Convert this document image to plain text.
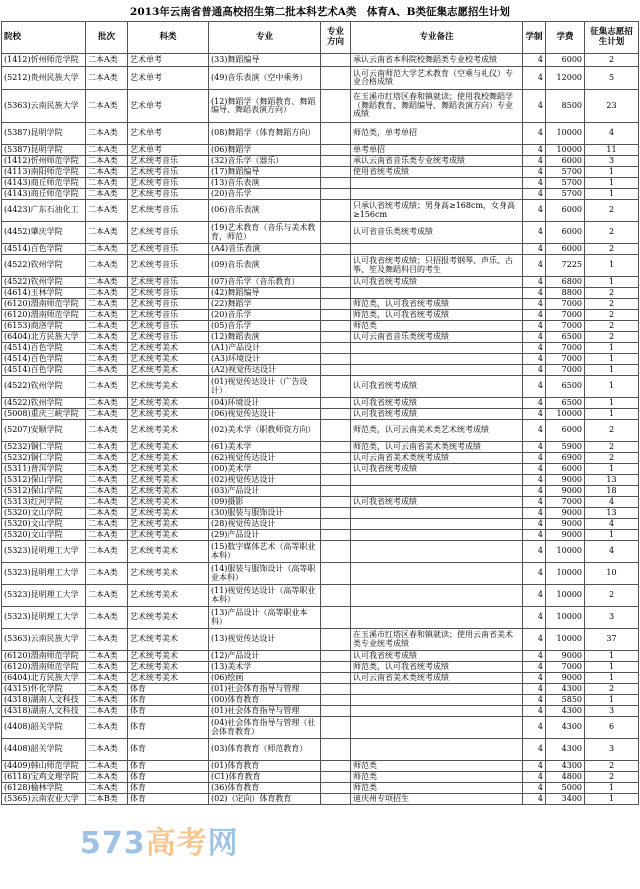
2013年云南省普通高校招生第二批本科艺术A类　体育A、B类征集志愿招生计划
院校	批次	科类	专业	专业方向	专业备注	学制	学费	征集志愿招生计划
(1412)忻州师范学院	二本A类	艺术单考	(33)舞蹈编导		承认云南省本科院校舞蹈类专业校考成绩	4	6000	2
(5212)贵州民族大学	二本A类	艺术单考	(49)音乐表演（空中乘务）		认可云南师范大学艺术教育（空乘与礼仪）专业合格成绩	4	12000	5
(5363)云南民族大学	二本A类	艺术单考	(12)舞蹈学（舞蹈教育、舞蹈编导、舞蹈表演方向）		在玉溪市红塔区春和镇就读；使用我校舞蹈学（舞蹈教育、舞蹈编导、舞蹈表演方向）专业成绩	4	8500	23
(5387)昆明学院	二本A类	艺术单考	(08)舞蹈学（体育舞蹈方向）		师范类，单考单招	4	10000	4
(5387)昆明学院	二本A类	艺术单考	(06)舞蹈学		单考单招	4	10000	11
(1412)忻州师范学院	二本A类	艺术统考音乐	(32)音乐学（器乐）		承认云南省音乐类专业统考成绩	4	6000	3
(4113)南阳师范学院	二本A类	艺术统考音乐	(17)舞蹈编导		使用省统考成绩	4	5700	1
(4143)商丘师范学院	二本A类	艺术统考音乐	(13)音乐表演			4	5700	1
(4143)商丘师范学院	二本A类	艺术统考音乐	(20)音乐学			4	5700	1
(4423)广东石油化工	二本A类	艺术统考音乐	(06)音乐表演		只承认省统考成绩；男身高≥168cm，女身高≥156cm	4	6000	2
(4452)肇庆学院	二本A类	艺术统考音乐	(19)艺术教育（音乐与美术教育，师范）		认可省音乐类统考成绩	4	6000	2
(4514)百色学院	二本A类	艺术统考音乐	(A4)音乐表演			4	6000	2
(4522)钦州学院	二本A类	艺术统考音乐	(09)音乐表演		认可我省统考成绩；只招报考钢琴、声乐、古筝、笙及舞蹈科目的考生	4	7225	1
(4522)钦州学院	二本A类	艺术统考音乐	(07)音乐学（音乐教育）		认可我省统考成绩	4	6800	1
(4614)玉林学院	二本A类	艺术统考音乐	(42)舞蹈编导			4	8800	2
(6120)渭南师范学院	二本A类	艺术统考音乐	(22)舞蹈学		师范类，认可我省统考成绩	4	7000	2
(6120)渭南师范学院	二本A类	艺术统考音乐	(20)音乐学		师范类，认可我省统考成绩	4	7000	2
(6153)商洛学院	二本A类	艺术统考音乐	(05)音乐学		师范类	4	7000	2
(6404)北方民族大学	二本A类	艺术统考音乐	(12)舞蹈表演		认可云南省音乐类统考成绩	4	6500	2
(4514)百色学院	二本A类	艺术统考美术	(A1)产品设计			4	7000	1
(4514)百色学院	二本A类	艺术统考美术	(A3)环境设计			4	7000	1
(4514)百色学院	二本A类	艺术统考美术	(A2)视觉传达设计			4	7000	1
(4522)钦州学院	二本A类	艺术统考美术	(01)视觉传达设计（广告设计）		认可我省统考成绩	4	6500	1
(4522)钦州学院	二本A类	艺术统考美术	(04)环境设计		认可我省统考成绩	4	6500	1
(5008)重庆三峡学院	二本A类	艺术统考美术	(06)视觉传达设计		认可我省统考成绩	4	10000	1
(5207)安顺学院	二本A类	艺术统考美术	(02)美术学（职教师资方向）		师范类，认可云南美术类艺术统考成绩	4	6000	2
(5232)铜仁学院	二本A类	艺术统考美术	(61)美术学		师范类，认可云南省美术类统考成绩	4	5900	2
(5232)铜仁学院	二本A类	艺术统考美术	(62)视觉传达设计		认可云南省美术类统考成绩	4	6900	2
(5311)普洱学院	二本A类	艺术统考美术	(00)美术学		认可我省统考成绩	4	6000	1
(5312)保山学院	二本A类	艺术统考美术	(02)视觉传达设计			4	9000	13
(5312)保山学院	二本A类	艺术统考美术	(03)产品设计			4	9000	18
(5313)红河学院	二本A类	艺术统考美术	(09)摄影		认可我省统考成绩	4	7000	4
(5320)文山学院	二本A类	艺术统考美术	(30)服装与服饰设计			4	9000	13
(5320)文山学院	二本A类	艺术统考美术	(28)视觉传达设计			4	9000	4
(5320)文山学院	二本A类	艺术统考美术	(29)产品设计			4	9000	1
(5323)昆明理工大学	二本A类	艺术统考美术	(15)数字媒体艺术（高等职业本科）			4	10000	4
(5323)昆明理工大学	二本A类	艺术统考美术	(14)服装与服饰设计（高等职业本科）			4	10000	10
(5323)昆明理工大学	二本A类	艺术统考美术	(11)视觉传达设计（高等职业本科）			4	10000	2
(5323)昆明理工大学	二本A类	艺术统考美术	(13)产品设计（高等职业本科）			4	10000	3
(5363)云南民族大学	二本A类	艺术统考美术	(13)视觉传达设计		在玉溪市红塔区春和镇就读；使用云南省美术类专业统考成绩	4	10000	37
(6120)渭南师范学院	二本A类	艺术统考美术	(12)产品设计		认可我省统考成绩	4	9000	1
(6120)渭南师范学院	二本A类	艺术统考美术	(13)美术学		师范类，认可我省统考成绩	4	7000	1
(6404)北方民族大学	二本A类	艺术统考美术	(06)绘画		认可云南省美术类统考成绩	4	9000	1
(4315)怀化学院	二本A类	体育	(01)社会体育指导与管理			4	4300	2
(4318)湖南人文科技	二本A类	体育	(00)体育教育			4	5850	1
(4318)湖南人文科技	二本A类	体育	(01)社会体育指导与管理			4	4300	3
(4408)韶关学院	二本A类	体育	(04)社会体育指导与管理（社会体育教育）			4	4300	6
(4408)韶关学院	二本A类	体育	(03)体育教育（师范教育）			4	4300	3
(4409)韩山师范学院	二本A类	体育	(01)体育教育		师范类	4	4300	2
(6118)宝鸡文理学院	二本A类	体育	(C1)体育教育		师范类	4	4800	2
(6128)榆林学院	二本A类	体育	(36)体育教育		师范类	4	5000	1
(5365)云南农业大学	二本B类	体育	(02)（定向）体育教育		迪庆州专项招生	4	3400	1
573高考网
